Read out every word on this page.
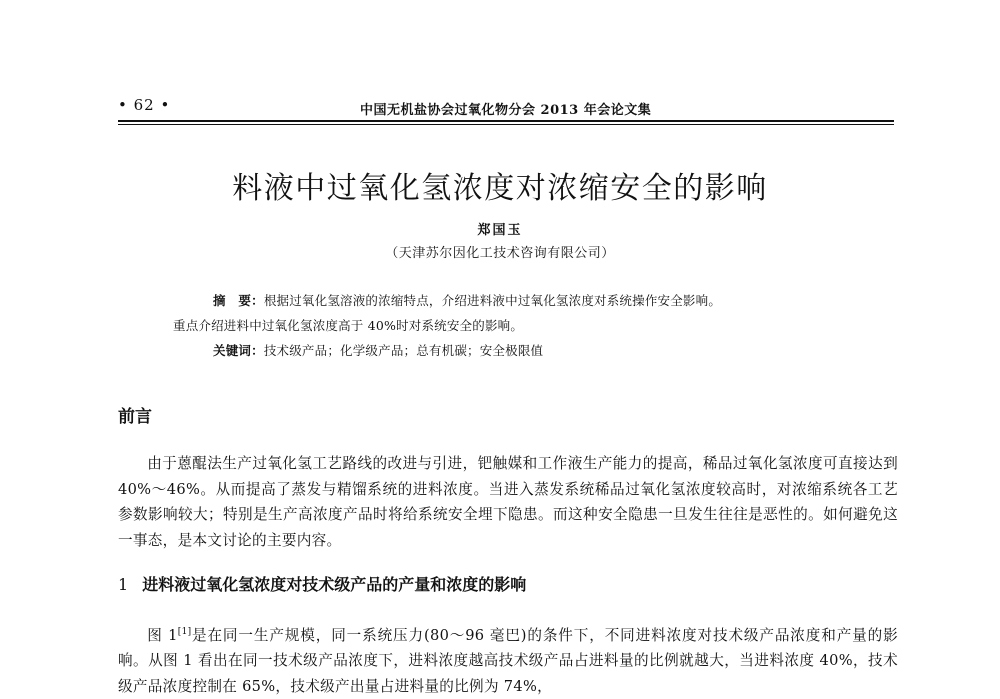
• 62 •	中国无机盐协会过氧化物分会 2013 年会论文集
料液中过氧化氢浓度对浓缩安全的影响
郑国玉
（天津苏尔因化工技术咨询有限公司）
摘　要：根据过氧化氢溶液的浓缩特点，介绍进料液中过氧化氢浓度对系统操作安全影响。
重点介绍进料中过氧化氢浓度高于 40%时对系统安全的影响。
关键词：技术级产品；化学级产品；总有机碳；安全极限值
前言

由于蒽醌法生产过氧化氢工艺路线的改进与引进，钯触媒和工作液生产能力的提高，稀品过氧化氢浓度可直接达到 40%～46%。从而提高了蒸发与精馏系统的进料浓度。当进入蒸发系统稀品过氧化氢浓度较高时，对浓缩系统各工艺参数影响较大；特别是生产高浓度产品时将给系统安全埋下隐患。而这种安全隐患一旦发生往往是恶性的。如何避免这一事态，是本文讨论的主要内容。

1 进料液过氧化氢浓度对技术级产品的产量和浓度的影响

图 1[1]是在同一生产规模，同一系统压力(80～96 毫巴)的条件下，不同进料浓度对技术级产品浓度和产量的影响。从图 1 看出在同一技术级产品浓度下，进料浓度越高技术级产品占进料量的比例就越大，当进料浓度 40%，技术级产品浓度控制在 65%，技术级产出量占进料量的比例为 74%，
